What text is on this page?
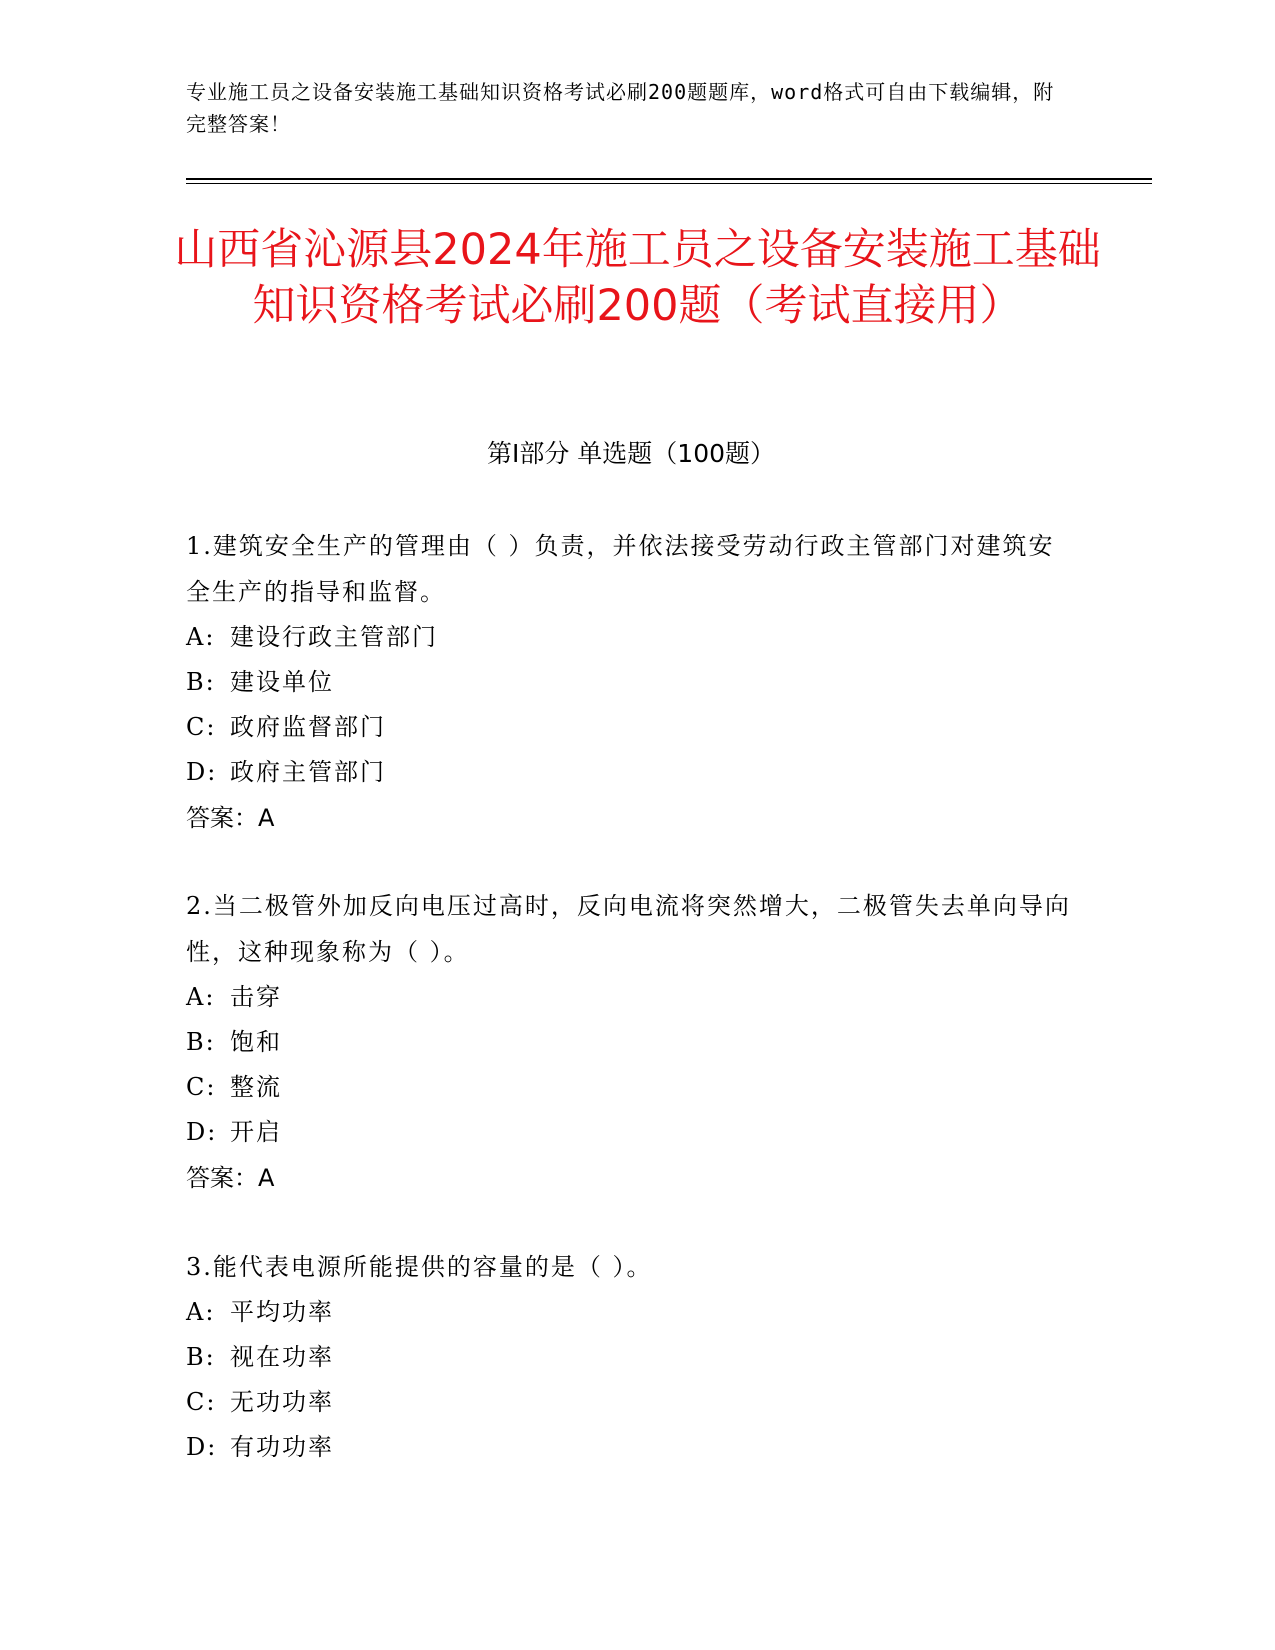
专业施工员之设备安装施工基础知识资格考试必刷200题题库，word格式可自由下载编辑，附完整答案！
山西省沁源县2024年施工员之设备安装施工基础知识资格考试必刷200题（考试直接用）
第I部分 单选题（100题）

1.建筑安全生产的管理由（ ）负责，并依法接受劳动行政主管部门对建筑安全生产的指导和监督。

A: 建设行政主管部门

B: 建设单位

C: 政府监督部门

D: 政府主管部门

答案：A

2.当二极管外加反向电压过高时，反向电流将突然增大，二极管失去单向导向性，这种现象称为（ ）。

A: 击穿

B: 饱和

C: 整流

D: 开启

答案：A

3.能代表电源所能提供的容量的是（ ）。

A: 平均功率

B: 视在功率

C: 无功功率

D: 有功功率
